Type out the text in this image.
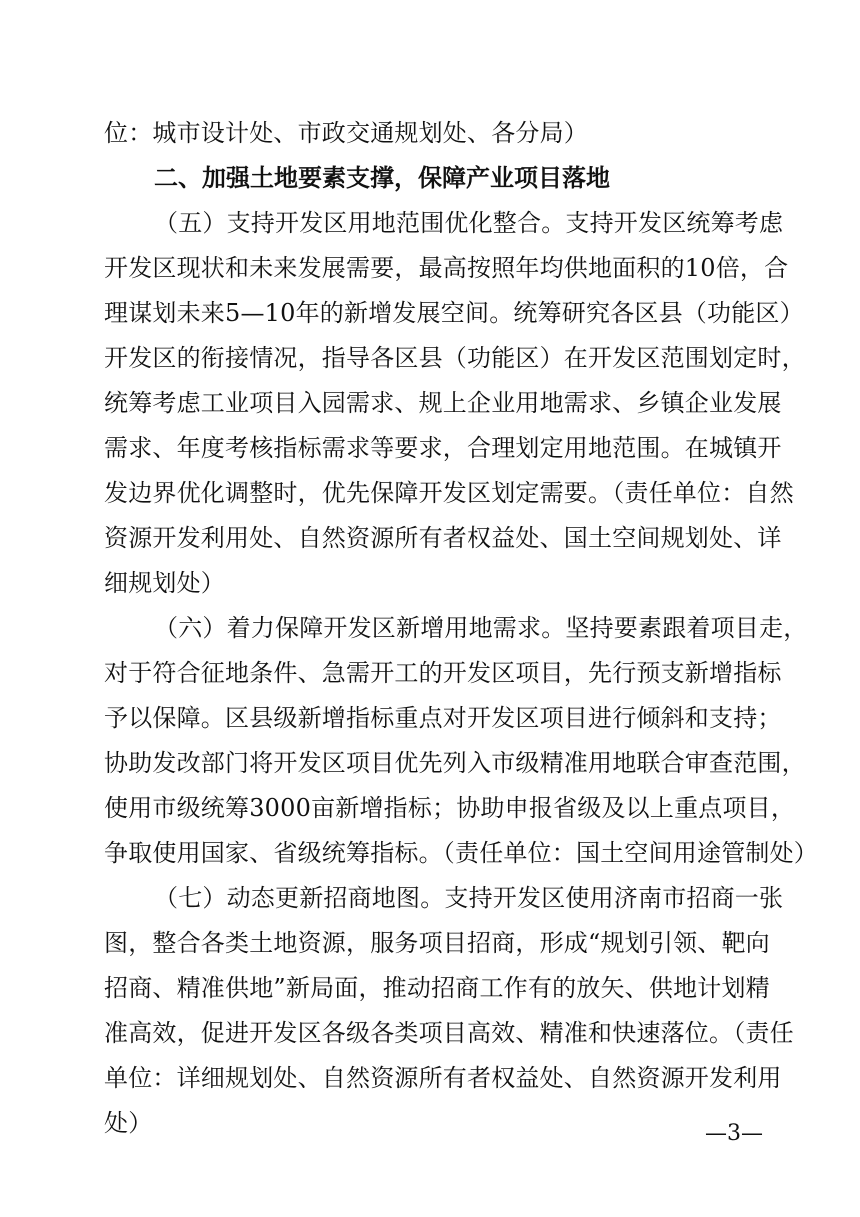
位：城市设计处、市政交通规划处、各分局）
二、加强土地要素支撑，保障产业项目落地
（五）支持开发区用地范围优化整合。支持开发区统筹考虑
开发区现状和未来发展需要，最高按照年均供地面积的10倍，合
理谋划未来5—10年的新增发展空间。统筹研究各区县（功能区）
开发区的衔接情况，指导各区县（功能区）在开发区范围划定时，
统筹考虑工业项目入园需求、规上企业用地需求、乡镇企业发展
需求、年度考核指标需求等要求，合理划定用地范围。在城镇开
发边界优化调整时，优先保障开发区划定需要。（责任单位：自然
资源开发利用处、自然资源所有者权益处、国土空间规划处、详
细规划处）
（六）着力保障开发区新增用地需求。坚持要素跟着项目走，
对于符合征地条件、急需开工的开发区项目，先行预支新增指标
予以保障。区县级新增指标重点对开发区项目进行倾斜和支持；
协助发改部门将开发区项目优先列入市级精准用地联合审查范围，
使用市级统筹3000亩新增指标；协助申报省级及以上重点项目，
争取使用国家、省级统筹指标。（责任单位：国土空间用途管制处）
（七）动态更新招商地图。支持开发区使用济南市招商一张
图，整合各类土地资源，服务项目招商，形成“规划引领、靶向
招商、精准供地”新局面，推动招商工作有的放矢、供地计划精
准高效，促进开发区各级各类项目高效、精准和快速落位。（责任
单位：详细规划处、自然资源所有者权益处、自然资源开发利用
处）	—3—
